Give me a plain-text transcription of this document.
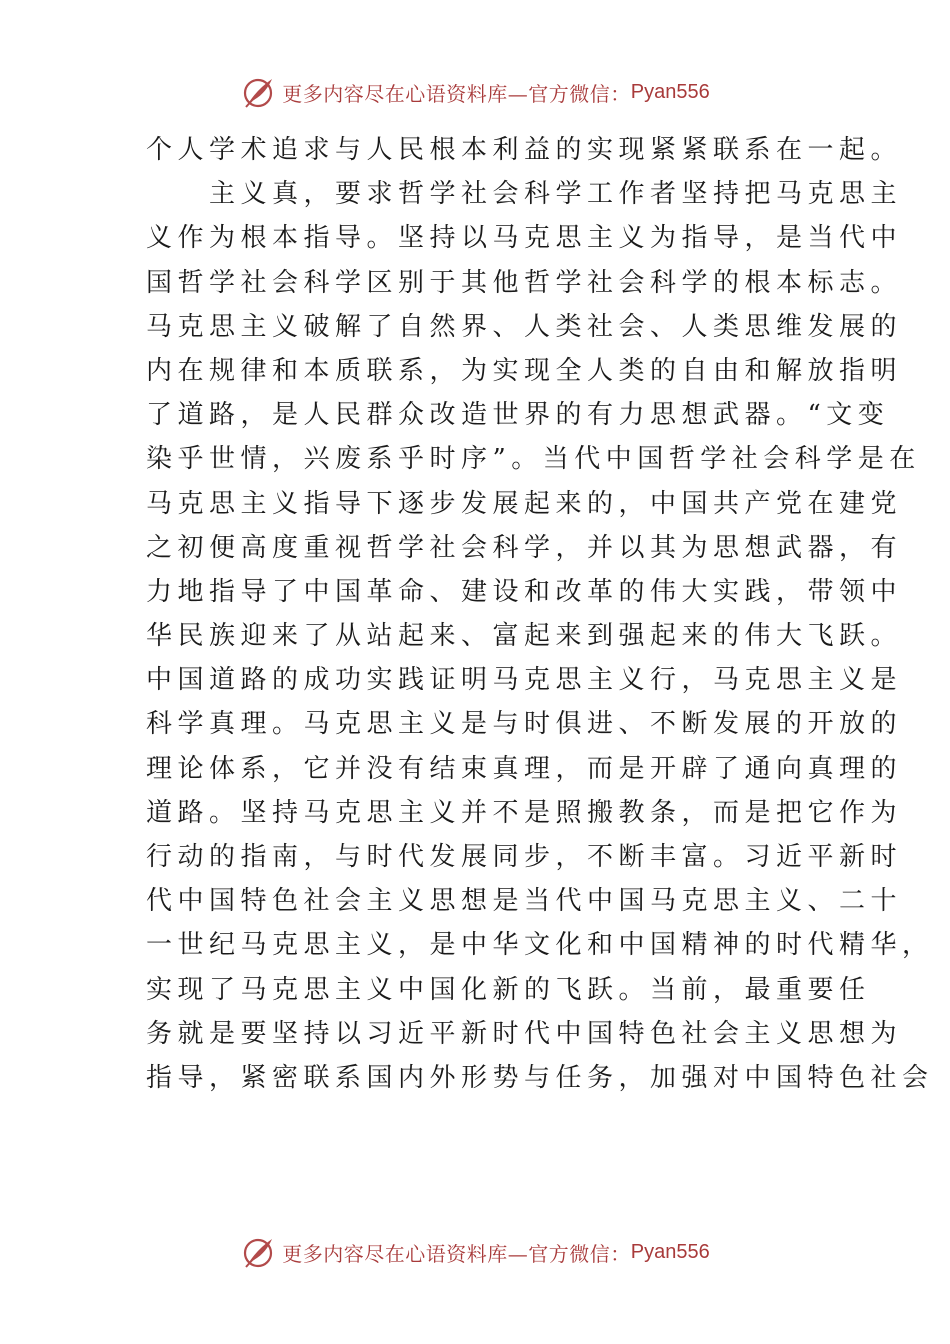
更多内容尽在心语资料库—官方微信： Pyan556
个人学术追求与人民根本利益的实现紧紧联系在一起。
　　主义真，要求哲学社会科学工作者坚持把马克思主
义作为根本指导。坚持以马克思主义为指导，是当代中
国哲学社会科学区别于其他哲学社会科学的根本标志。
马克思主义破解了自然界、人类社会、人类思维发展的
内在规律和本质联系，为实现全人类的自由和解放指明
了道路，是人民群众改造世界的有力思想武器。“文变
染乎世情，兴废系乎时序”。当代中国哲学社会科学是在
马克思主义指导下逐步发展起来的，中国共产党在建党
之初便高度重视哲学社会科学，并以其为思想武器，有
力地指导了中国革命、建设和改革的伟大实践，带领中
华民族迎来了从站起来、富起来到强起来的伟大飞跃。
中国道路的成功实践证明马克思主义行，马克思主义是
科学真理。马克思主义是与时俱进、不断发展的开放的
理论体系，它并没有结束真理，而是开辟了通向真理的
道路。坚持马克思主义并不是照搬教条，而是把它作为
行动的指南，与时代发展同步，不断丰富。习近平新时
代中国特色社会主义思想是当代中国马克思主义、二十
一世纪马克思主义，是中华文化和中国精神的时代精华，
实现了马克思主义中国化新的飞跃。当前，最重要任
务就是要坚持以习近平新时代中国特色社会主义思想为
指导，紧密联系国内外形势与任务，加强对中国特色社会
更多内容尽在心语资料库—官方微信： Pyan556
